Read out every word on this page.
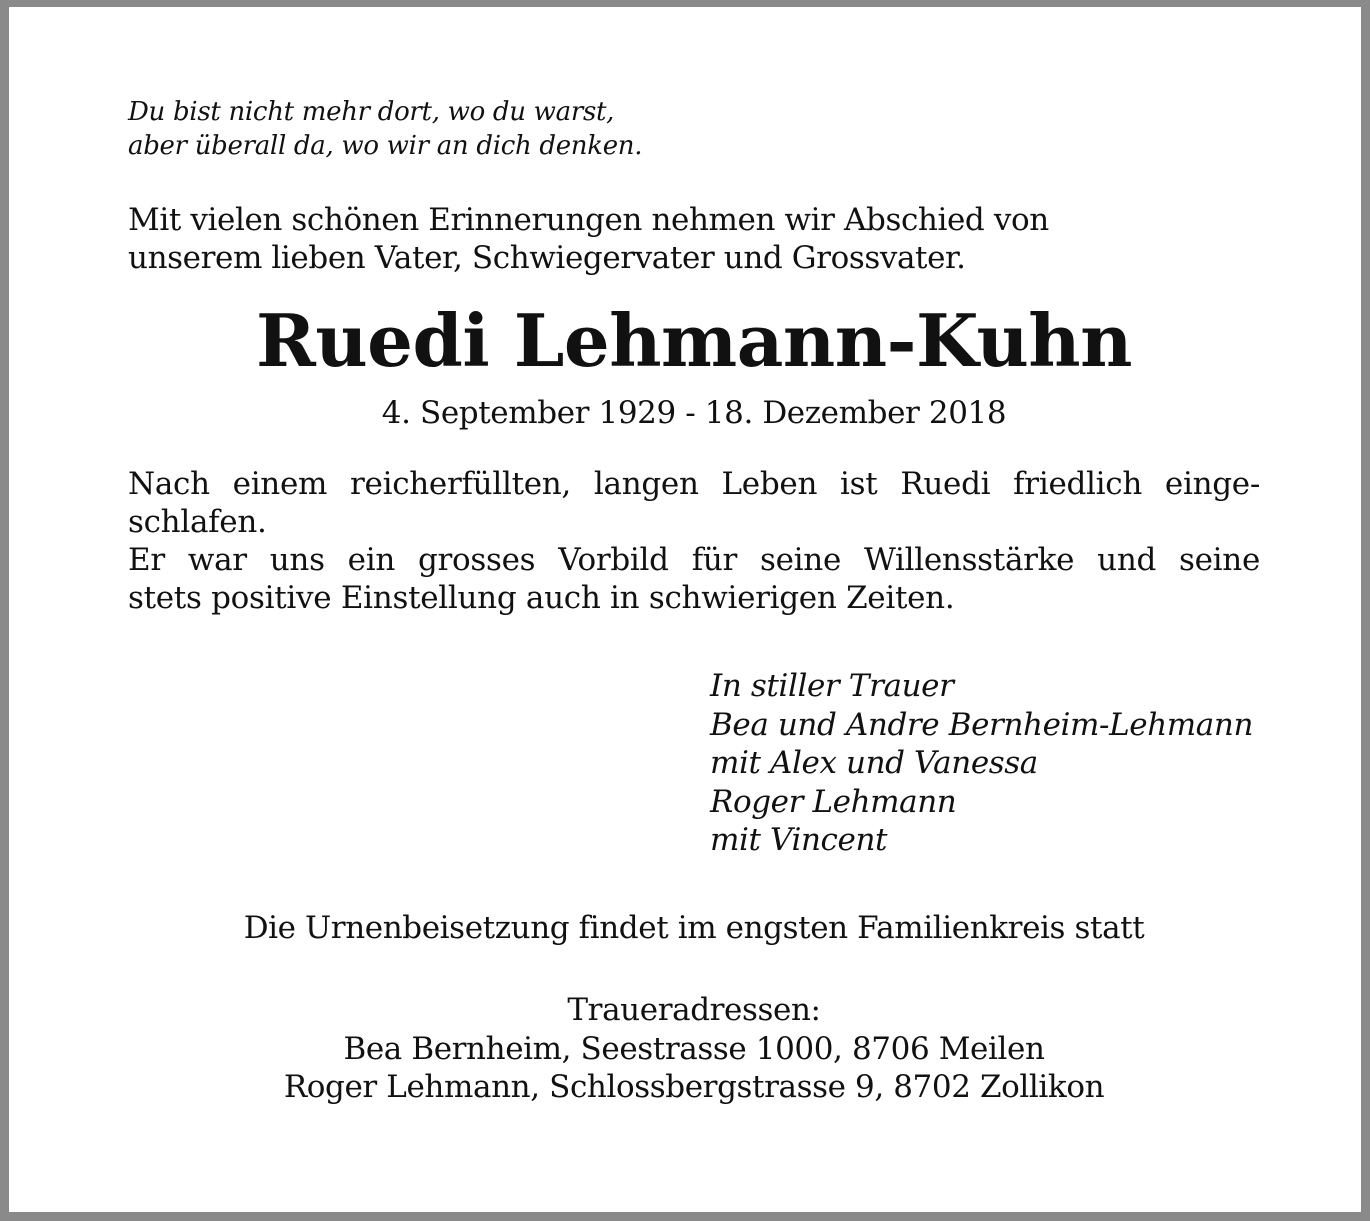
Du bist nicht mehr dort, wo du warst,
aber überall da, wo wir an dich denken.
Mit vielen schönen Erinnerungen nehmen wir Abschied von
unserem lieben Vater, Schwiegervater und Grossvater.
Ruedi Lehmann-Kuhn
4. September 1929 - 18. Dezember 2018
Nach einem reicherfüllten, langen Leben ist Ruedi friedlich einge-
schlafen.
Er war uns ein grosses Vorbild für seine Willensstärke und seine
stets positive Einstellung auch in schwierigen Zeiten.
In stiller Trauer
Bea und Andre Bernheim-Lehmann
mit Alex und Vanessa
Roger Lehmann
mit Vincent
Die Urnenbeisetzung findet im engsten Familienkreis statt
Traueradressen:
Bea Bernheim, Seestrasse 1000, 8706 Meilen
Roger Lehmann, Schlossbergstrasse 9, 8702 Zollikon
